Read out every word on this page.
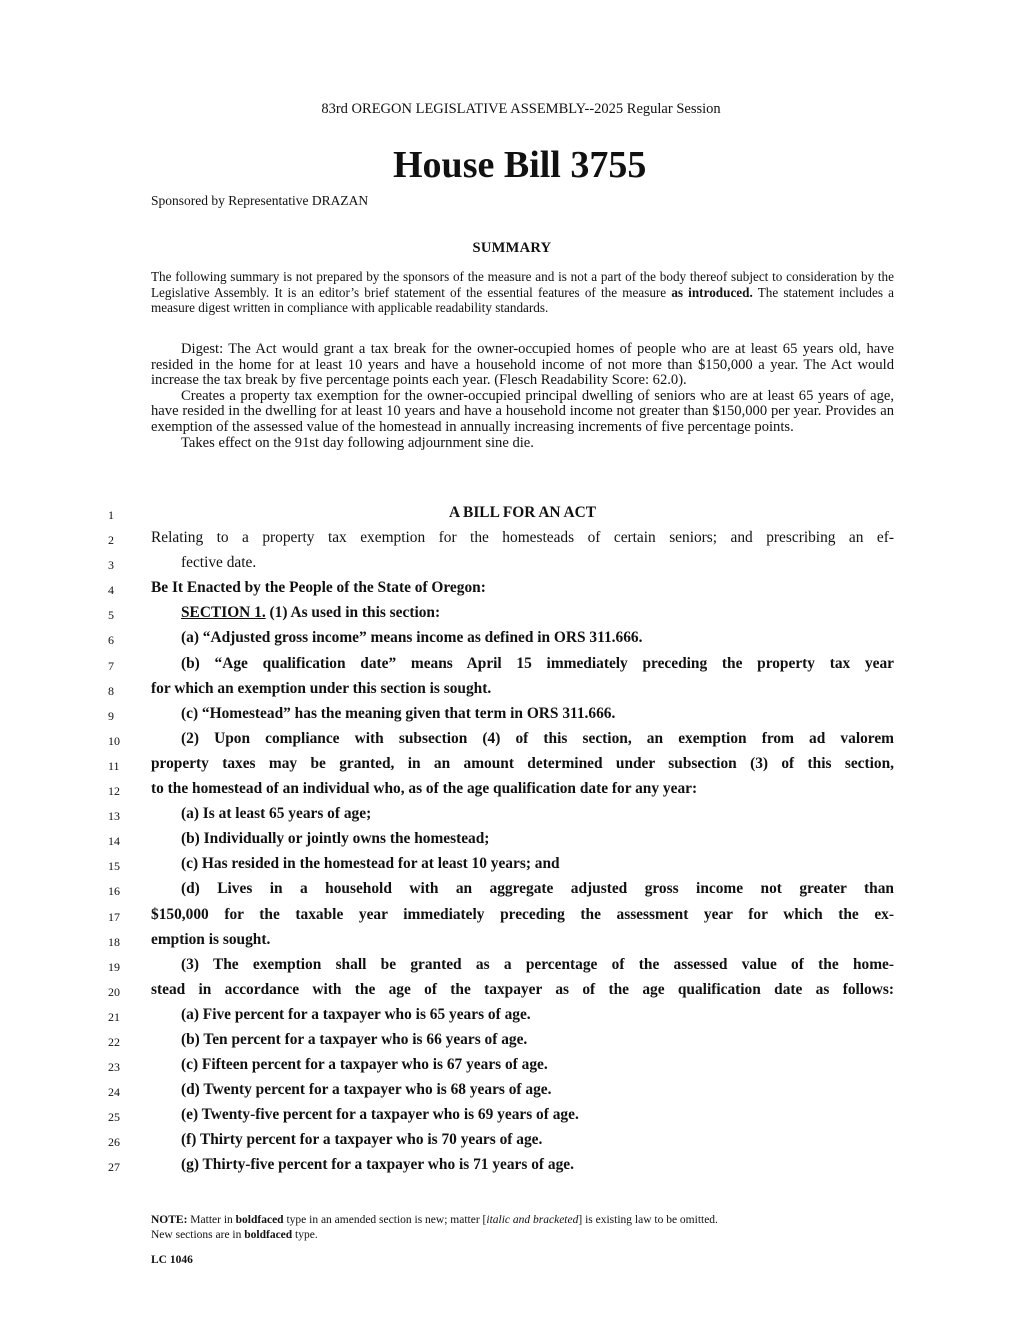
83rd OREGON LEGISLATIVE ASSEMBLY--2025 Regular Session
House Bill 3755
Sponsored by Representative DRAZAN
SUMMARY
The following summary is not prepared by the sponsors of the measure and is not a part of the body thereof subject to consideration by the Legislative Assembly. It is an editor’s brief statement of the essential features of the measure as introduced. The statement includes a measure digest written in compliance with applicable readability standards.

Digest: The Act would grant a tax break for the owner-occupied homes of people who are at least 65 years old, have resided in the home for at least 10 years and have a household income of not more than $150,000 a year. The Act would increase the tax break by five percentage points each year. (Flesch Readability Score: 62.0).

Creates a property tax exemption for the owner-occupied principal dwelling of seniors who are at least 65 years of age, have resided in the dwelling for at least 10 years and have a household income not greater than $150,000 per year. Provides an exemption of the assessed value of the homestead in annually increasing increments of five percentage points.

Takes effect on the 91st day following adjournment sine die.

1	A BILL FOR AN ACT
2	Relating to a property tax exemption for the homesteads of certain seniors; and prescribing an ef-
3	fective date.
4	Be It Enacted by the People of the State of Oregon:
5	SECTION 1. (1) As used in this section:
6	(a) “Adjusted gross income” means income as defined in ORS 311.666.
7	(b) “Age qualification date” means April 15 immediately preceding the property tax year
8	for which an exemption under this section is sought.
9	(c) “Homestead” has the meaning given that term in ORS 311.666.
10	(2) Upon compliance with subsection (4) of this section, an exemption from ad valorem
11	property taxes may be granted, in an amount determined under subsection (3) of this section,
12	to the homestead of an individual who, as of the age qualification date for any year:
13	(a) Is at least 65 years of age;
14	(b) Individually or jointly owns the homestead;
15	(c) Has resided in the homestead for at least 10 years; and
16	(d) Lives in a household with an aggregate adjusted gross income not greater than
17	$150,000 for the taxable year immediately preceding the assessment year for which the ex-
18	emption is sought.
19	(3) The exemption shall be granted as a percentage of the assessed value of the home-
20	stead in accordance with the age of the taxpayer as of the age qualification date as follows:
21	(a) Five percent for a taxpayer who is 65 years of age.
22	(b) Ten percent for a taxpayer who is 66 years of age.
23	(c) Fifteen percent for a taxpayer who is 67 years of age.
24	(d) Twenty percent for a taxpayer who is 68 years of age.
25	(e) Twenty-five percent for a taxpayer who is 69 years of age.
26	(f) Thirty percent for a taxpayer who is 70 years of age.
27	(g) Thirty-five percent for a taxpayer who is 71 years of age.
NOTE: Matter in boldfaced type in an amended section is new; matter [italic and bracketed] is existing law to be omitted.
New sections are in boldfaced type.
LC 1046
